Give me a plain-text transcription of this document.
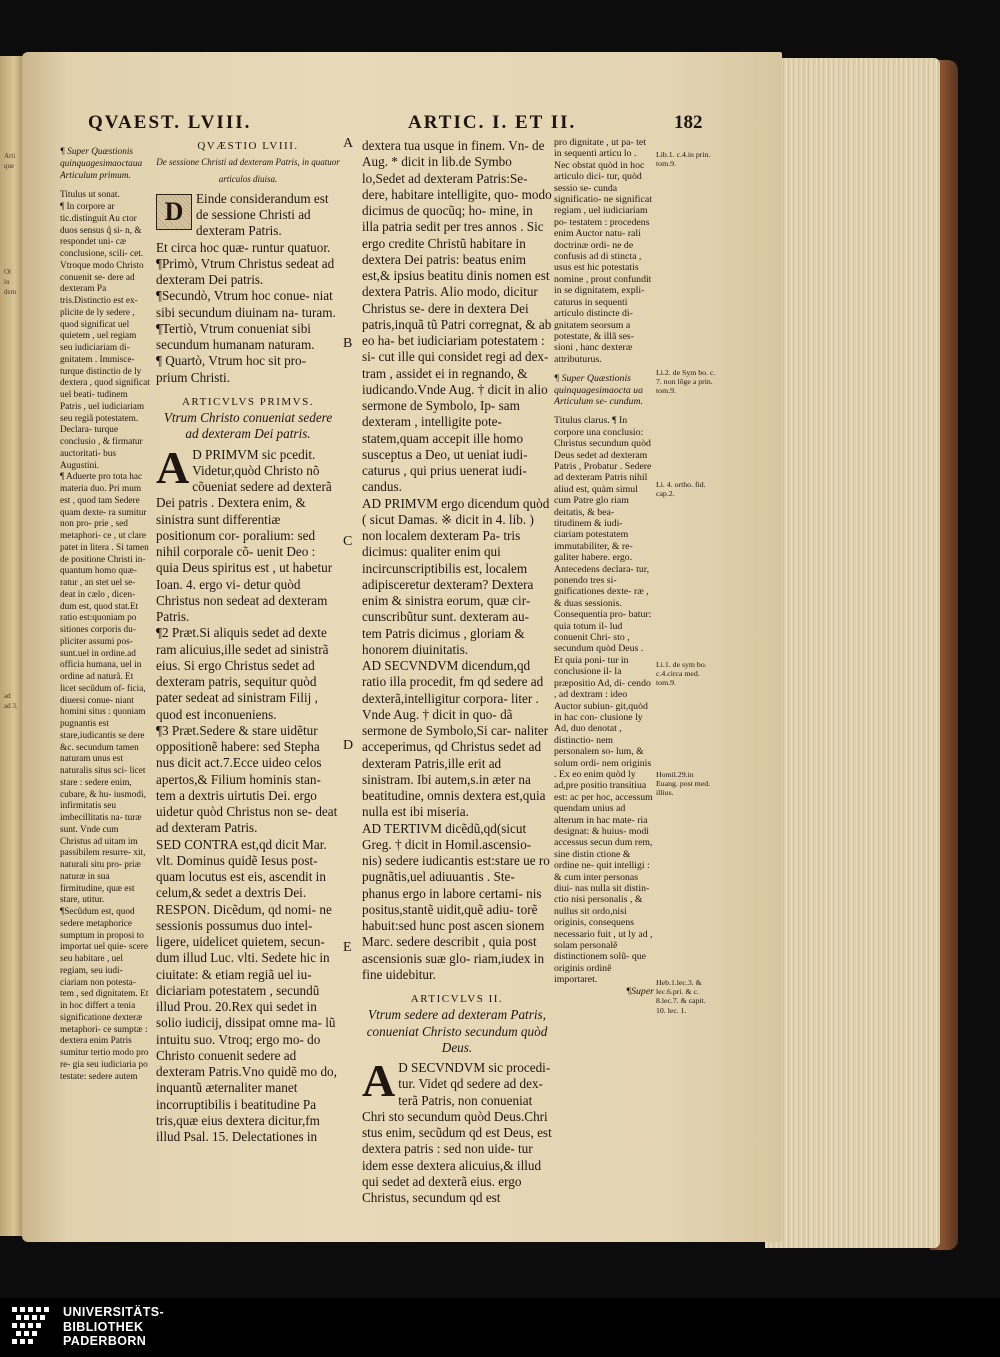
Arti
que
Ol
in
dem
ad
ad 3.
QVAEST. LVIII.	ARTIC. I. ET II.	182
A
B
C
D
E

¶ Super Quæstionis quinquagesimaoctaua Articulum primum.

Titulus ut sonat.

¶ In corpore ar tic.distinguit Au ctor duos sensus q̃ si- n, & respondet uni- cæ conclusione, scili- cet. Vtroque modo Christo conuenit se- dere ad dexteram Pa tris.Distinctio est ex- plicite de ly sedere , quod significat uel quietem , uel regiam seu iudiciariam di- gnitatem . Immisce- turque distinctio de ly dextera , quod significat uel beati- tudinem Patris , uel iudiciariam seu regiã potestatem. Declara- turque conclusio , & firmatur auctoritati- bus Augustini.

¶ Aduerte pro tota hac materia duo. Pri mum est , quod tam Sedere quam dexte- ra sumitur non pro- prie , sed metaphori- ce , ut clare patet in litera . Si tamen de positione Christi in- quantum homo quæ- ratur , an stet uel se- deat in cælo , dicen- dum est, quod stat.Et ratio est:quoniam po sitiones corporis du- pliciter assumi pos- sunt.uel in ordine.ad officia humana, uel in ordine ad naturã. Et licet secũdum of- ficia, diuersi conue- niant homini situs : quoniam pugnantis est stare,iudicantis se dere &c. secundum tamen naturam unus est naturalis situs sci- licet stare : sedere enim, cubare, & hu- iusmodi, infirmitatis seu imbecillitatis na- turæ sunt. Vnde cum Christus ad uitam im passibilem resurre- xit, naturali situ pro- priæ naturæ in sua firmitudine, quæ est stare, utitur.

¶Secũdum est, quod sedere metaphorice sumptum in proposi to importat uel quie- scere seu habitare , uel regiam, seu iudi- ciariam non potesta- tem , sed dignitatem. Et in hoc differt a tenia significatione dexteræ metaphori- ce sumptæ : dextera enim Patris sumitur tertio modo pro re- gia seu iudiciaria po testate: sedere autem

QVÆSTIO LVIII.

De sessione Christi ad dexteram Patris, in quatuor articulos diuisa.

D Einde considerandum est de sessione Christi ad dexteram Patris.

Et circa hoc quæ- runtur quatuor.

¶Primò, Vtrum Christus sedeat ad dexteram Dei patris.

¶Secundò, Vtrum hoc conue- niat sibi secundum diuinam na- turam.

¶Tertiò, Vtrum conueniat sibi secundum humanam naturam.

¶ Quartò, Vtrum hoc sit pro- prium Christi.

ARTICVLVS PRIMVS.

Vtrum Christo conueniat sedere ad dexteram Dei patris.

A D PRIMVM sic pcedit. Videtur,quòd Christo nõ cõueniat sedere ad dexterã Dei patris . Dextera enim, & sinistra sunt differentiæ positionum cor- poralium: sed nihil corporale cõ- uenit Deo : quia Deus spiritus est , ut habetur Ioan. 4. ergo vi- detur quòd Christus non sedeat ad dexteram Patris.

¶2 Præt.Si aliquis sedet ad dexte ram alicuius,ille sedet ad sinistrã eius. Si ergo Christus sedet ad dexteram patris, sequitur quòd pater sedeat ad sinistram Filij , quod est inconueniens.

¶3 Præt.Sedere & stare uidẽtur oppositionẽ habere: sed Stepha nus dicit act.7.Ecce uideo celos apertos,& Filium hominis stan- tem a dextris uirtutis Dei. ergo uidetur quòd Christus non se- deat ad dexteram Patris.

SED CONTRA est,qd dicit Mar. vlt. Dominus quidẽ Iesus post- quam locutus est eis, ascendit in celum,& sedet a dextris Dei.

RESPON. Dicẽdum, qd nomi- ne sessionis possumus duo intel- ligere, uidelicet quietem, secun- dum illud Luc. vlti. Sedete hic in ciuitate: & etiam regiã uel iu- diciariam potestatem , secundũ illud Prou. 20.Rex qui sedet in solio iudicij, dissipat omne ma- lũ intuitu suo. Vtroq; ergo mo- do Christo conuenit sedere ad dexteram Patris.Vno quidẽ mo do, inquantũ æternaliter manet incorruptibilis i beatitudine Pa tris,quæ eius dextera dicitur,fm illud Psal. 15. Delectationes in

dextera tua usque in finem. Vn- de Aug. * dicit in lib.de Symbo lo,Sedet ad dexteram Patris:Se- dere, habitare intelligite, quo- modo dicimus de quocũq; ho- mine, in illa patria sedit per tres annos . Sic ergo credite Christũ habitare in dextera Dei patris: beatus enim est,& ipsius beatitu dinis nomen est dextera Patris. Alio modo, dicitur Christus se- dere in dextera Dei patris,inquã tũ Patri corregnat, & ab eo ha- bet iudiciariam potestatem : si- cut ille qui considet regi ad dex- tram , assidet ei in regnando, & iudicando.Vnde Aug. † dicit in alio sermone de Symbolo, Ip- sam dexteram , intelligite pote- statem,quam accepit ille homo susceptus a Deo, ut ueniat iudi- caturus , qui prius uenerat iudi- candus.

AD PRIMVM ergo dicendum quòd ( sicut Damas. ※ dicit in 4. lib. ) non localem dexteram Pa- tris dicimus: qualiter enim qui incircunscriptibilis est, localem adipisceretur dexteram? Dextera enim & sinistra eorum, quæ cir- cunscribũtur sunt. dexteram au- tem Patris dicimus , gloriam & honorem diuinitatis.

AD SECVNDVM dicendum,qd ratio illa procedit, fm qd sedere ad dexterã,intelligitur corpora- liter . Vnde Aug. † dicit in quo- dã sermone de Symbolo,Si car- naliter acceperimus, qd Christus sedet ad dexteram Patris,ille erit ad sinistram. Ibi autem,s.in æter na beatitudine, omnis dextera est,quia nulla est ibi miseria.

AD TERTIVM dicẽdũ,qd(sicut Greg. † dicit in Homil.ascensio- nis) sedere iudicantis est:stare ue ro pugnãtis,uel adiuuantis . Ste- phanus ergo in labore certami- nis positus,stantẽ uidit,quẽ adiu- torẽ habuit:sed hunc post ascen sionem Marc. sedere describit , quia post ascensionis suæ glo- riam,iudex in fine uidebitur.

ARTICVLVS II.

Vtrum sedere ad dexteram Patris, conueniat Christo secundum quòd Deus.

A D SECVNDVM sic procedi- tur. Videt qd sedere ad dex- terã Patris, non conueniat Chri sto secundum quòd Deus.Chri stus enim, secũdum qd est Deus, est dextera patris : sed non uide- tur idem esse dextera alicuius,& illud qui sedet ad dexterã eius. ergo Christus, secundum qd est

pro dignitate , ut pa- tet in sequenti articu lo . Nec obstat quòd in hoc articulo dici- tur, quòd sessio se- cunda significatio- ne significat regiam , uel iudiciariam po- testatem : procedens enim Auctor natu- rali doctrinæ ordi- ne de confusis ad di stincta , usus est hic potestatis nomine , prout confundit in se dignitatem, expli- caturus in sequenti articulo distincte di- gnitatem seorsum a potestate, & illã ses- sioni , hanc dexteræ attributurus.

¶ Super Quæstionis quinquagesimaocta ua Articulum se- cundum.

Titulus clarus. ¶ In corpore una conclusio: Christus secundum quòd Deus sedet ad dexteram Patris , Probatur . Sedere ad dexteram Patris nihil aliud est, quàm simul cum Patre glo riam deitatis, & bea- titudinem & iudi- ciariam potestatem immutabiliter, & re- galiter habere. ergo. Antecedens declara- tur, ponendo tres si- gnificationes dexte- ræ , & duas sessionis. Consequentia pro- batur: quia totum il- lud conuenit Chri- sto , secundum quòd Deus . Et quia poni- tur in conclusione il- la præpositio Ad, di- cendo , ad dextram : ideo Auctor subiun- git,quòd in hac con- clusione ly Ad, duo denotat , distinctio- nem personalem so- lum, & solum ordi- nem originis . Ex eo enim quòd ly ad,pre positio transitiua est: ac per hoc, accessum quendam unius ad alterum in hac mate- ria designat: & huius- modi accessus secun dum rem, sine distin ctione & ordine ne- quit intelligi : & cum inter personas diui- nas nulla sit distin- ctio nisi personalis , & nullus sit ordo,nisi originis, consequens necessario fuit , ut ly ad , solam personalẽ distinctionem solũ- que originis ordinẽ importaret.

¶Super

Lib.1. c.4.in prin. tom.9.

Li.2. de Sym bo. c. 7. non lõge a prin. tom.9.

Li. 4. ortho. fid. cap.2.

Li.1. de sym bo. c.4.circa med. tom.9.

Homil.29.in Euang. post med. illius.

Heb.1.lec.3. & lec.6.pri. & c. 8.lec.7. & capit. 10. lec. 1.

UNIVERSITÄTS-
BIBLIOTHEK
PADERBORN
